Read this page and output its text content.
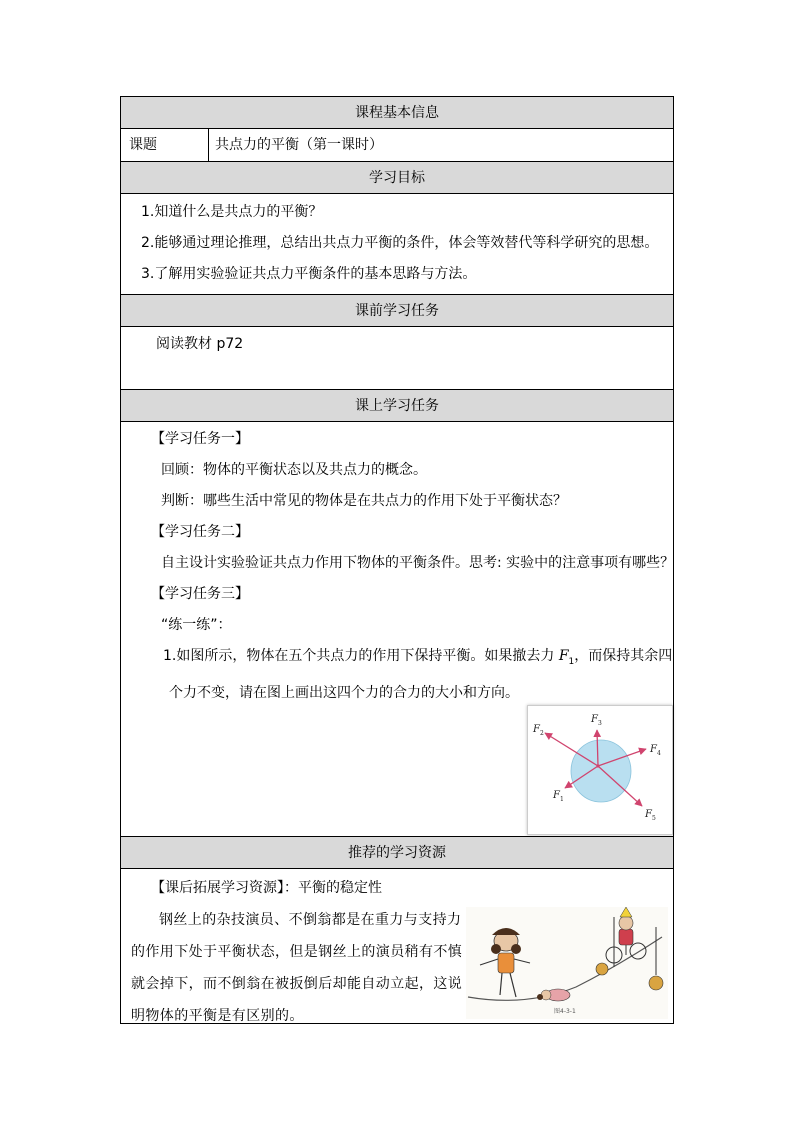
课程基本信息
课题	共点力的平衡（第一课时）
学习目标
1.知道什么是共点力的平衡？
2.能够通过理论推理，总结出共点力平衡的条件，体会等效替代等科学研究的思想。
3.了解用实验验证共点力平衡条件的基本思路与方法。
课前学习任务
阅读教材 p72
课上学习任务
【学习任务一】
回顾：物体的平衡状态以及共点力的概念。
判断：哪些生活中常见的物体是在共点力的作用下处于平衡状态？
【学习任务二】
自主设计实验验证共点力作用下物体的平衡条件。思考: 实验中的注意事项有哪些？
【学习任务三】
“练一练”：
1.如图所示，物体在五个共点力的作用下保持平衡。如果撤去力 $F_1$，而保持其余四
个力不变，请在图上画出这四个力的合力的大小和方向。
$F_2$
$F_3$
$F_4$
$F_1$
$F_5$
推荐的学习资源
【课后拓展学习资源】：平衡的稳定性
钢丝上的杂技演员、不倒翁都是在重力与支持力的作用下处于平衡状态，但是钢丝上的演员稍有不慎就会掉下，而不倒翁在被扳倒后却能自动立起，这说明物体的平衡是有区别的。	图4-3-1
